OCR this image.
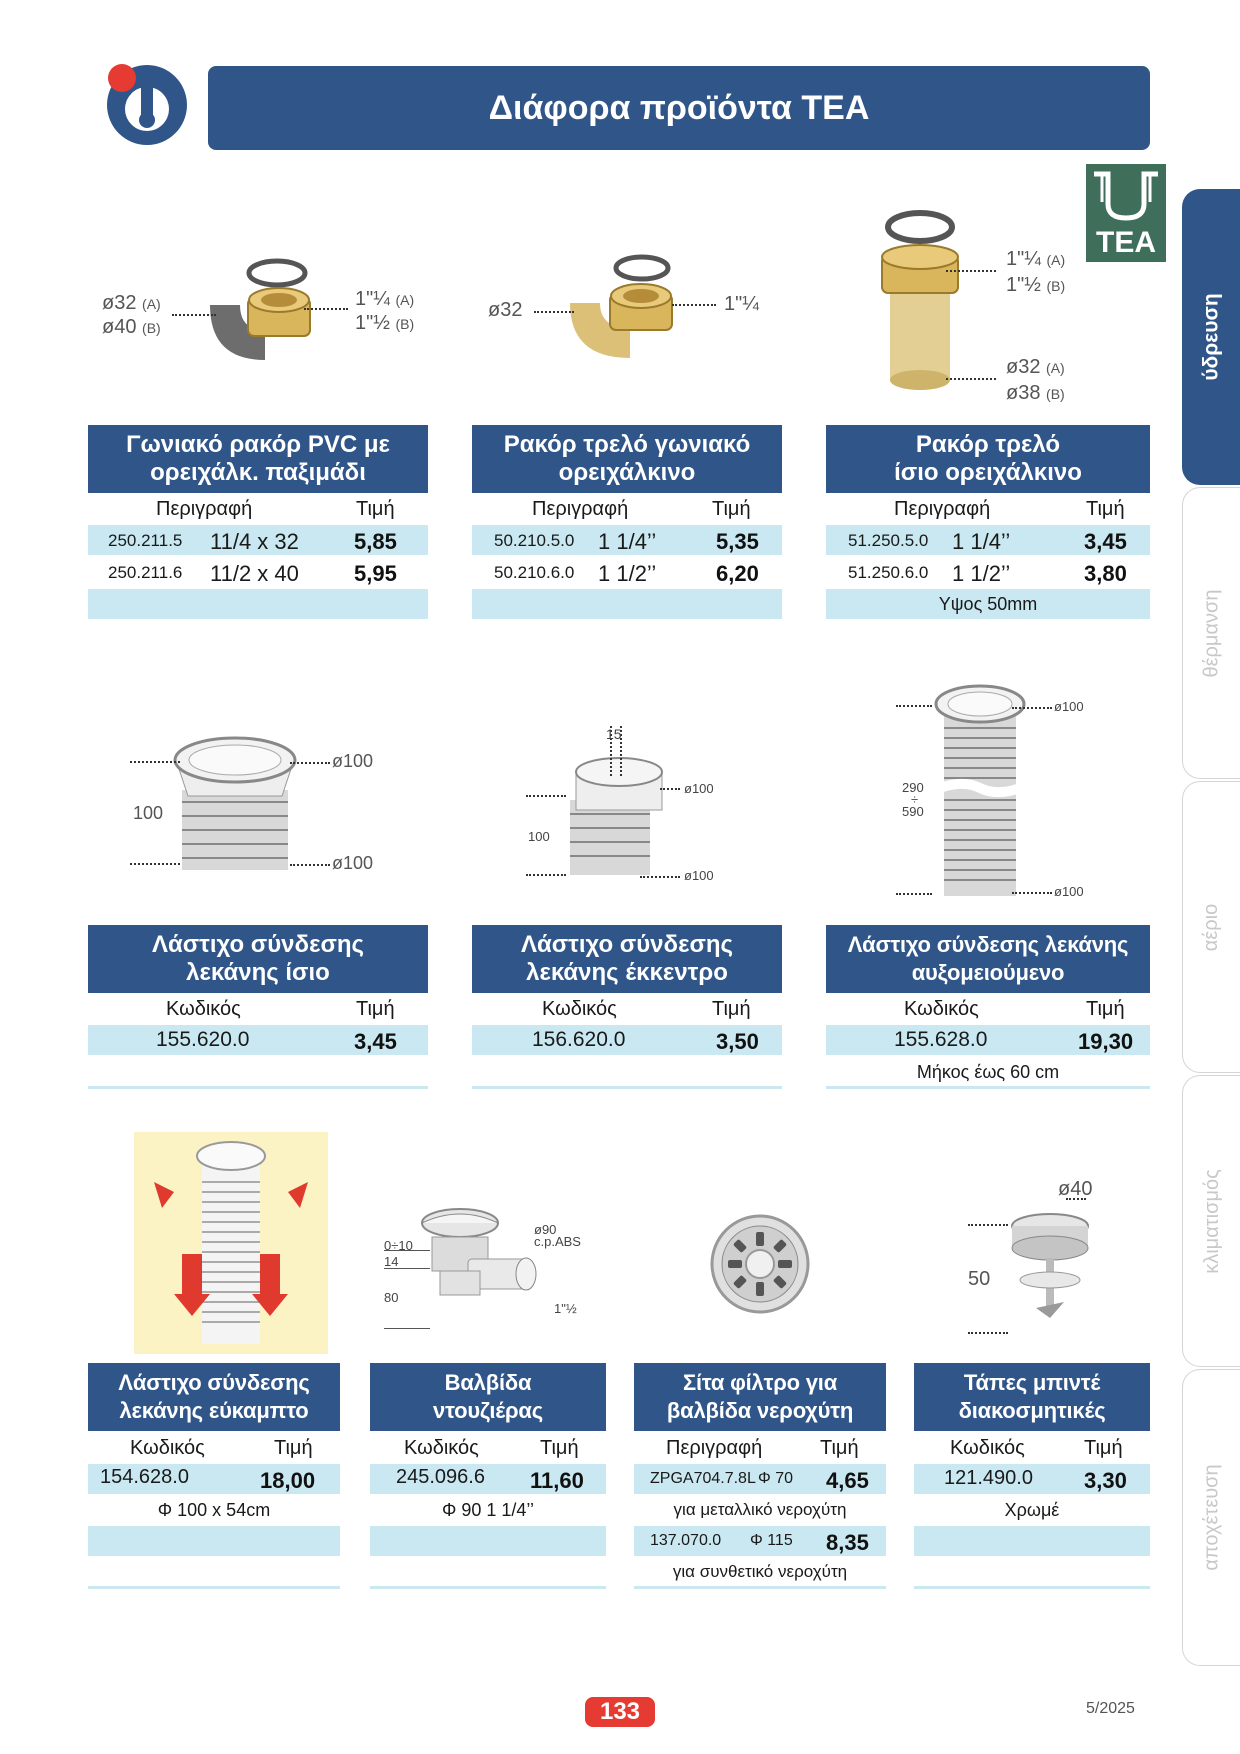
Διάφορα προϊόντα TEA
TEA
ύδρευση
θέρμανση
αέριο
κλιματισμός
αποχέτευση
ø32 (A)
ø40 (B)
1"¼ (A)
1"½ (B)
ø32	1"¼
1"¼ (A)
1"½ (B)
ø32 (A)
ø38 (B)
Γωνιακό ρακόρ PVC με
ορειχάλκ. παξιμάδι
Περιγραφή	Τιμή
250.211.5 11/4 x 32	5,85
250.211.6 11/2 x 40	5,95
Ρακόρ τρελό γωνιακό
ορειχάλκινο
Περιγραφή	Τιμή
50.210.5.0 1 1/4’’	5,35
50.210.6.0 1 1/2’’	6,20
Ρακόρ τρελό
ίσιο ορειχάλκινο
Περιγραφή	Τιμή
51.250.5.0 1 1/4’’	3,45
51.250.6.0 1 1/2’’	3,80
Υψος 50mm
ø100
ø100
100
15
ø100
ø100
100
ø100
ø100
290
÷
590
Λάστιχο σύνδεσης
λεκάνης ίσιο
Κωδικός	Τιμή
155.620.0	3,45
Λάστιχο σύνδεσης
λεκάνης έκκεντρο
Κωδικός	Τιμή
156.620.0	3,50
Λάστιχο σύνδεσης λεκάνης
αυξομειούμενο
Κωδικός	Τιμή
155.628.0	19,30
Μήκος έως 60 cm
0÷10
14
80
ø90
c.p.ABS
1"½
ø40
50
Λάστιχο σύνδεσης
λεκάνης εύκαμπτο
Κωδικός	Τιμή
154.628.0	18,00
Φ 100 x 54cm
Βαλβίδα
ντουζιέρας
Κωδικός	Τιμή
245.096.6 11,60
Φ 90 1 1/4’’
Σίτα φίλτρο για
βαλβίδα νεροχύτη
Περιγραφή	Τιμή
ZPGA704.7.8L Φ 70 4,65
για μεταλλικό νεροχύτη
137.070.0 Φ 115 8,35
για συνθετικό νεροχύτη
Τάπες μπιντέ
διακοσμητικές
Κωδικός	Τιμή
121.490.0 3,30
Χρωμέ
133	5/2025
